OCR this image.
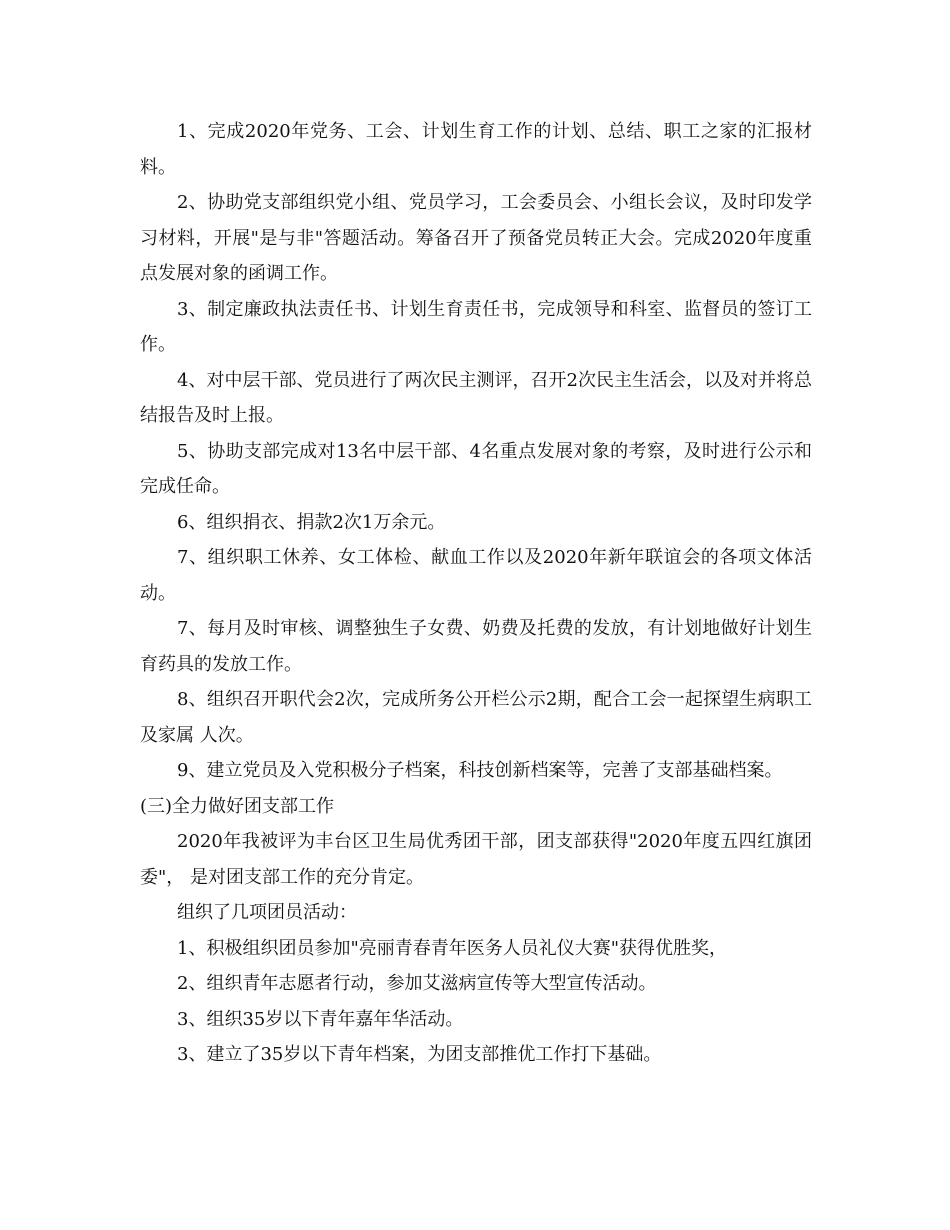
1、完成2020年党务、工会、计划生育工作的计划、总结、职工之家的汇报材料。

2、协助党支部组织党小组、党员学习，工会委员会、小组长会议，及时印发学习材料，开展"是与非"答题活动。筹备召开了预备党员转正大会。完成2020年度重点发展对象的函调工作。

3、制定廉政执法责任书、计划生育责任书，完成领导和科室、监督员的签订工作。

4、对中层干部、党员进行了两次民主测评，召开2次民主生活会，以及对并将总结报告及时上报。

5、协助支部完成对13名中层干部、4名重点发展对象的考察，及时进行公示和完成任命。

6、组织捐衣、捐款2次1万余元。

7、组织职工休养、女工体检、献血工作以及2020年新年联谊会的各项文体活动。

7、每月及时审核、调整独生子女费、奶费及托费的发放，有计划地做好计划生育药具的发放工作。

8、组织召开职代会2次，完成所务公开栏公示2期，配合工会一起探望生病职工及家属 人次。

9、建立党员及入党积极分子档案，科技创新档案等，完善了支部基础档案。

(三)全力做好团支部工作

2020年我被评为丰台区卫生局优秀团干部，团支部获得"2020年度五四红旗团委"， 是对团支部工作的充分肯定。

组织了几项团员活动：

1、积极组织团员参加"亮丽青春青年医务人员礼仪大赛"获得优胜奖，

2、组织青年志愿者行动，参加艾滋病宣传等大型宣传活动。

3、组织35岁以下青年嘉年华活动。

3、建立了35岁以下青年档案，为团支部推优工作打下基础。
